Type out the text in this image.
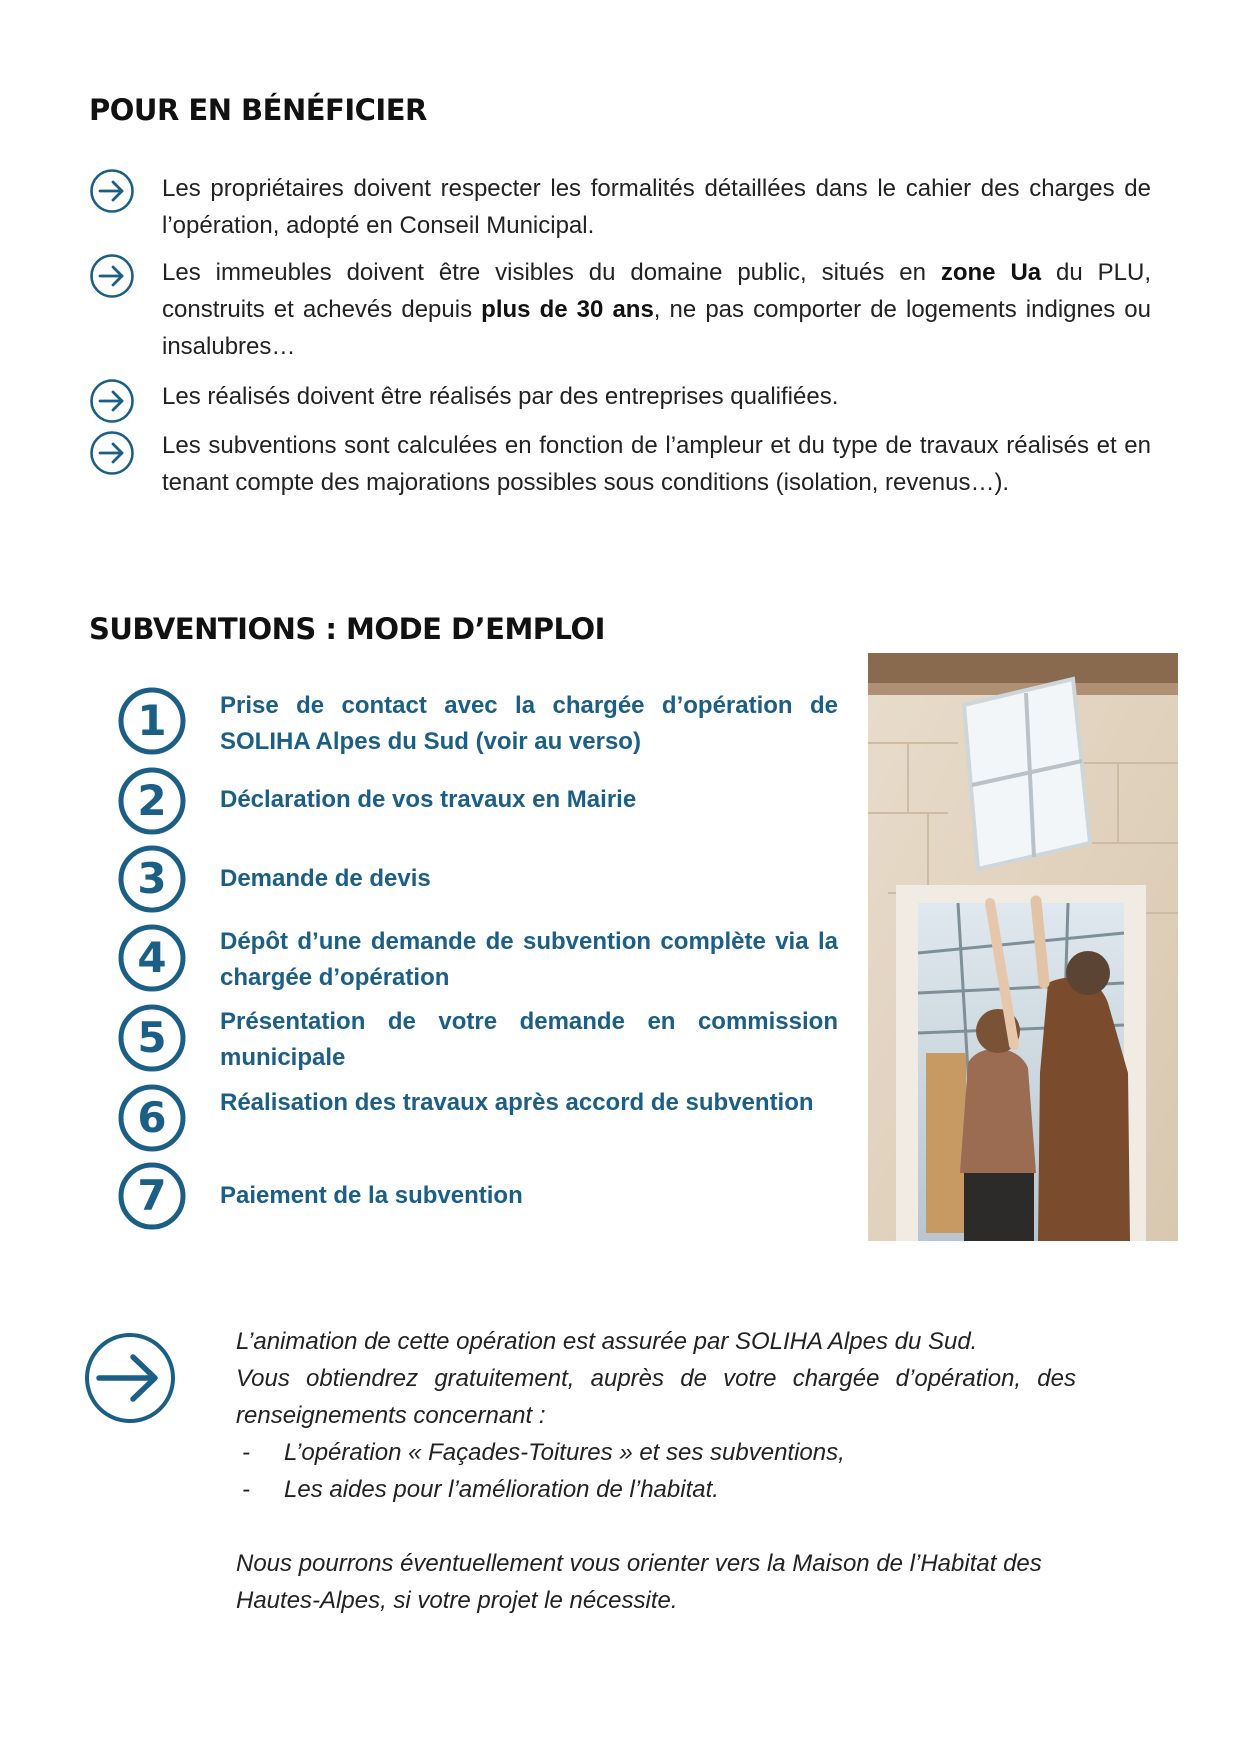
POUR EN BÉNÉFICIER
Les propriétaires doivent respecter les formalités détaillées dans le cahier des charges de l’opération, adopté en Conseil Municipal.
Les immeubles doivent être visibles du domaine public, situés en zone Ua du PLU, construits et achevés depuis plus de 30 ans, ne pas comporter de logements indignes ou insalubres…
Les réalisés doivent être réalisés par des entreprises qualifiées.
Les subventions sont calculées en fonction de l’ampleur et du type de travaux réalisés et en tenant compte des majorations possibles sous conditions (isolation, revenus…).
SUBVENTIONS : MODE D’EMPLOI
1 Prise de contact avec la chargée d’opération de SOLIHA Alpes du Sud (voir au verso)
2 Déclaration de vos travaux en Mairie
3 Demande de devis
4 Dépôt d’une demande de subvention complète via la chargée d’opération
5 Présentation de votre demande en commission municipale
6 Réalisation des travaux après accord de subvention
7 Paiement de la subvention

L’animation de cette opération est assurée par SOLIHA Alpes du Sud.

Vous obtiendrez gratuitement, auprès de votre chargée d’opération, des renseignements concernant :

- L’opération « Façades-Toitures » et ses subventions,

- Les aides pour l’amélioration de l’habitat.

Nous pourrons éventuellement vous orienter vers la Maison de l’Habitat des Hautes-Alpes, si votre projet le nécessite.
